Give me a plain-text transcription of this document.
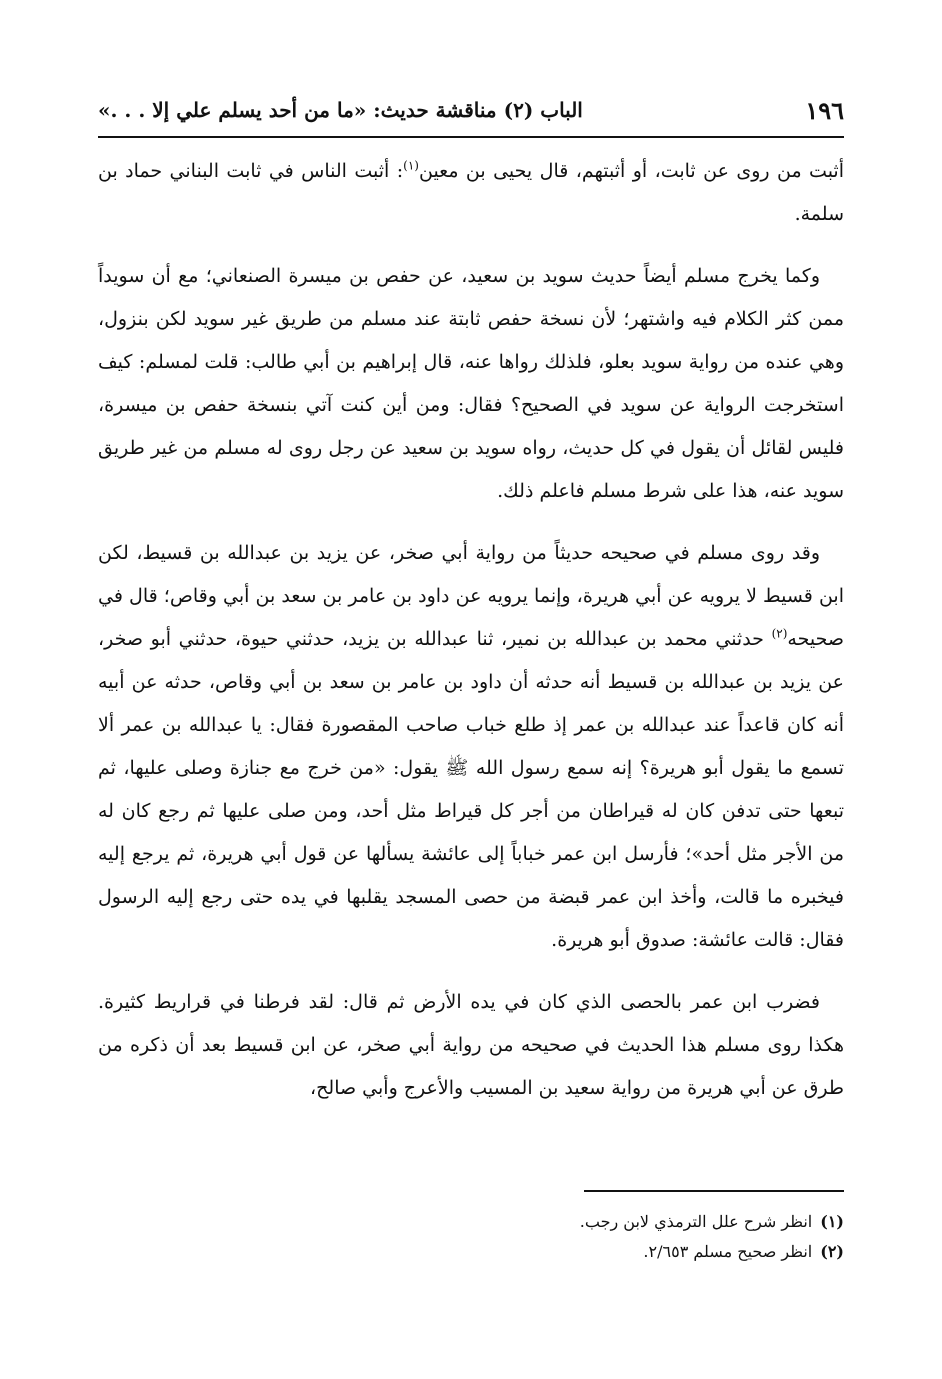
١٩٦
الباب (٢) مناقشة حديث: «ما من أحد يسلم علي إلا . . .»

أثبت من روى عن ثابت، أو أثبتهم، قال يحيى بن معين$^{(١)}$: أثبت الناس في ثابت البناني حماد بن سلمة.

وكما يخرج مسلم أيضاً حديث سويد بن سعيد، عن حفص بن ميسرة الصنعاني؛ مع أن سويداً ممن كثر الكلام فيه واشتهر؛ لأن نسخة حفص ثابتة عند مسلم من طريق غير سويد لكن بنزول، وهي عنده من رواية سويد بعلو، فلذلك رواها عنه، قال إبراهيم بن أبي طالب: قلت لمسلم: كيف استخرجت الرواية عن سويد في الصحيح؟ فقال: ومن أين كنت آتي بنسخة حفص بن ميسرة، فليس لقائل أن يقول في كل حديث، رواه سويد بن سعيد عن رجل روى له مسلم من غير طريق سويد عنه، هذا على شرط مسلم فاعلم ذلك.

وقد روى مسلم في صحيحه حديثاً من رواية أبي صخر، عن يزيد بن عبدالله بن قسيط، لكن ابن قسيط لا يرويه عن أبي هريرة، وإنما يرويه عن داود بن عامر بن سعد بن أبي وقاص؛ قال في صحيحه$^{(٢)}$ حدثني محمد بن عبدالله بن نمير، ثنا عبدالله بن يزيد، حدثني حيوة، حدثني أبو صخر، عن يزيد بن عبدالله بن قسيط أنه حدثه أن داود بن عامر بن سعد بن أبي وقاص، حدثه عن أبيه أنه كان قاعداً عند عبدالله بن عمر إذ طلع خباب صاحب المقصورة فقال: يا عبدالله بن عمر ألا تسمع ما يقول أبو هريرة؟ إنه سمع رسول الله ﷺ يقول: «من خرج مع جنازة وصلى عليها، ثم تبعها حتى تدفن كان له قيراطان من أجر كل قيراط مثل أحد، ومن صلى عليها ثم رجع كان له من الأجر مثل أحد»؛ فأرسل ابن عمر خباباً إلى عائشة يسألها عن قول أبي هريرة، ثم يرجع إليه فيخبره ما قالت، وأخذ ابن عمر قبضة من حصى المسجد يقلبها في يده حتى رجع إليه الرسول فقال: قالت عائشة: صدوق أبو هريرة.

فضرب ابن عمر بالحصى الذي كان في يده الأرض ثم قال: لقد فرطنا في قراريط كثيرة. هكذا روى مسلم هذا الحديث في صحيحه من رواية أبي صخر، عن ابن قسيط بعد أن ذكره من طرق عن أبي هريرة من رواية سعيد بن المسيب والأعرج وأبي صالح،

(١)انظر شرح علل الترمذي لابن رجب.
(٢)انظر صحيح مسلم ٢/٦٥٣.
